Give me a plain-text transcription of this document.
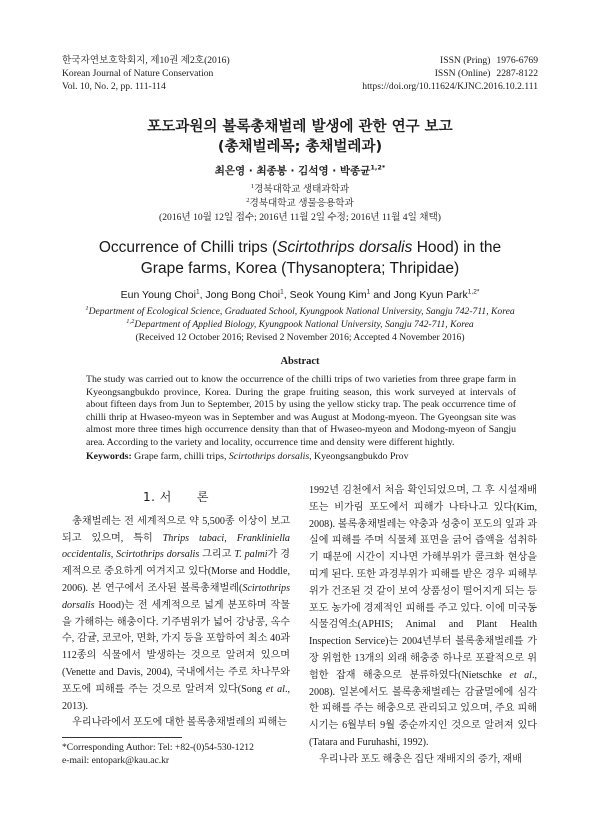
한국자연보호학회지, 제10권 제2호(2016)
Korean Journal of Nature Conservation
Vol. 10, No. 2, pp. 111-114
ISSN (Pring) 1976-6769
ISSN (Online) 2287-8122
https://doi.org/10.11624/KJNC.2016.10.2.111
포도과원의 볼록총채벌레 발생에 관한 연구 보고
(총채벌레목; 총채벌레과)
최은영 · 최종봉 · 김석영 · 박종균$^{1,2*}$
$^1$경북대학교 생태과학과
$^2$경북대학교 생물응용학과
(2016년 10월 12일 접수; 2016년 11월 2일 수정; 2016년 11월 4일 채택)
Occurrence of Chilli trips (Scirtothrips dorsalis Hood) in the
Grape farms, Korea (Thysanoptera; Thripidae)
Eun Young Choi$^1$, Jong Bong Choi$^1$, Seok Young Kim$^1$ and Jong Kyun Park$^{1,2*}$
$^1$Department of Ecological Science, Graduated School, Kyungpook National University, Sangju 742-711, Korea
$^{1,2}$Department of Applied Biology, Kyungpook National University, Sangju 742-711, Korea
(Received 12 October 2016; Revised 2 November 2016; Accepted 4 November 2016)
Abstract
The study was carried out to know the occurrence of the chilli trips of two varieties from three grape farm in Kyeongsangbukdo province, Korea. During the grape fruiting season, this work surveyed at intervals of about fifteen days from Jun to September, 2015 by using the yellow sticky trap. The peak occurrence time of chilli thrip at Hwaseo-myeon was in September and was August at Modong-myeon. The Gyeongsan site was almost more three times high occurrence density than that of Hwaseo-myeon and Modong-myeon of Sangju area. According to the variety and locality, occurrence time and density were different hightly.
Keywords: Grape farm, chilli trips, Scirtothrips dorsalis, Kyeongsangbukdo Prov
1. 서　　론

총채벌레는 전 세계적으로 약 5,500종 이상이 보고되고 있으며, 특히 Thrips tabaci, Frankliniella occidentalis, Scirtothrips dorsalis 그리고 T. palmi가 경제적으로 중요하게 여겨지고 있다(Morse and Hoddle, 2006). 본 연구에서 조사된 볼록총채벌레(Scirtothrips dorsalis Hood)는 전 세계적으로 넓게 분포하며 작물을 가해하는 해충이다. 기주범위가 넓어 강낭콩, 옥수수, 감귤, 코코아, 면화, 가지 등을 포함하여 최소 40과 112종의 식물에서 발생하는 것으로 알려져 있으며(Venette and Davis, 2004), 국내에서는 주로 차나무와 포도에 피해를 주는 것으로 알려져 있다(Song et al., 2013).

우리나라에서 포도에 대한 볼록총채벌레의 피해는

1992년 김천에서 처음 확인되었으며, 그 후 시설재배 또는 비가림 포도에서 피해가 나타나고 있다(Kim, 2008). 볼록총채벌레는 약충과 성충이 포도의 잎과 과실에 피해를 주며 식물체 표면을 긁어 즙액을 섭취하기 때문에 시간이 지나면 가해부위가 콜크화 현상을 띠게 된다. 또한 과경부위가 피해를 받은 경우 피해부위가 건조된 것 같이 보여 상품성이 떨어지게 되는 등 포도 농가에 경제적인 피해를 주고 있다. 이에 미국동식물검역소(APHIS; Animal and Plant Health Inspection Service)는 2004년부터 볼록총채벌레를 가장 위험한 13개의 외래 해충중 하나로 포괄적으로 위험한 잡재 해충으로 분류하였다(Nietschke et al., 2008). 일본에서도 볼록총채벌레는 감귤멀에에 심각한 피해를 주는 해충으로 관리되고 있으며, 주요 피해 시기는 6월부터 9월 중순까지인 것으로 알려져 있다(Tatara and Furuhashi, 1992).

우리나라 포도 해충은 집단 재배지의 증가, 재배

*Corresponding Author: Tel: +82-(0)54-530-1212
e-mail: entopark@kau.ac.kr
